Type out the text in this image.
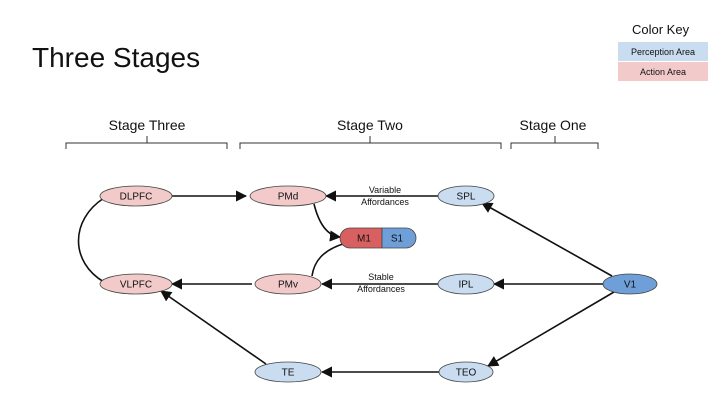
Three Stages
Color Key
Perception Area
Action Area
Stage Three	Stage Two	Stage One
DLPFC
VLPFC
PMd
PMv
SPL
IPL	V1
TE	TEO
M1 S1
Variable
Affordances
Stable
Affordances
